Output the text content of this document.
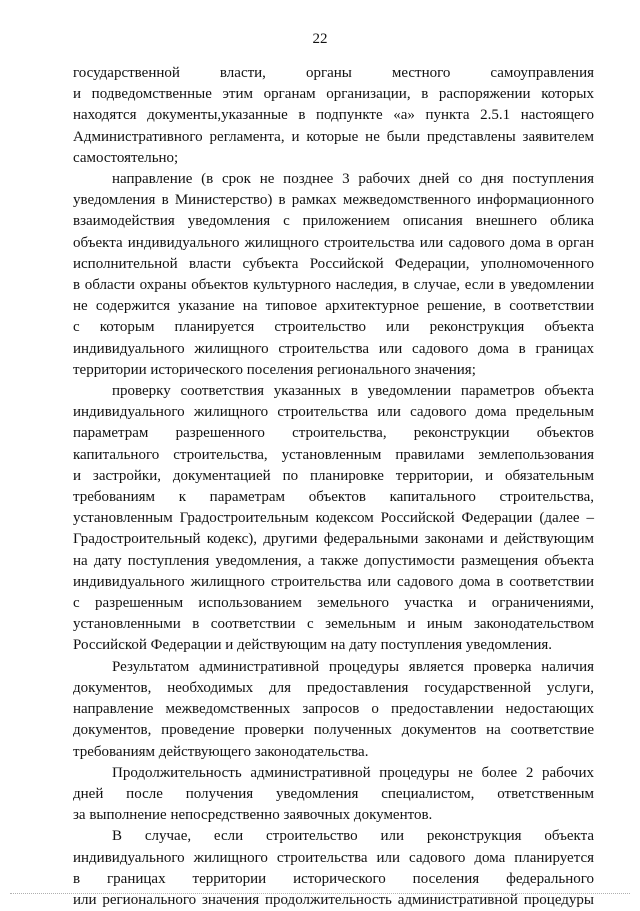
22
государственной власти, органы местного самоуправления
и подведомственные этим органам организации, в распоряжении которых
находятся документы,указанные в подпункте «а» пункта 2.5.1 настоящего
Административного регламента, и которые не были представлены заявителем
самостоятельно;
направление (в срок не позднее 3 рабочих дней со дня поступления
уведомления в Министерство) в рамках межведомственного информационного
взаимодействия уведомления с приложением описания внешнего облика
объекта индивидуального жилищного строительства или садового дома в орган
исполнительной власти субъекта Российской Федерации, уполномоченного
в области охраны объектов культурного наследия, в случае, если в уведомлении
не содержится указание на типовое архитектурное решение, в соответствии
с которым планируется строительство или реконструкция объекта
индивидуального жилищного строительства или садового дома в границах
территории исторического поселения регионального значения;
проверку соответствия указанных в уведомлении параметров объекта
индивидуального жилищного строительства или садового дома предельным
параметрам разрешенного строительства, реконструкции объектов
капитального строительства, установленным правилами землепользования
и застройки, документацией по планировке территории, и обязательным
требованиям к параметрам объектов капитального строительства,
установленным Градостроительным кодексом Российской Федерации (далее –
Градостроительный кодекс), другими федеральными законами и действующим
на дату поступления уведомления, а также допустимости размещения объекта
индивидуального жилищного строительства или садового дома в соответствии
с разрешенным использованием земельного участка и ограничениями,
установленными в соответствии с земельным и иным законодательством
Российской Федерации и действующим на дату поступления уведомления.
Результатом административной процедуры является проверка наличия
документов, необходимых для предоставления государственной услуги,
направление межведомственных запросов о предоставлении недостающих
документов, проведение проверки полученных документов на соответствие
требованиям действующего законодательства.
Продолжительность административной процедуры не более 2 рабочих
дней после получения уведомления специалистом, ответственным
за выполнение непосредственно заявочных документов.
В случае, если строительство или реконструкция объекта
индивидуального жилищного строительства или садового дома планируется
в границах территории исторического поселения федерального
или регионального значения продолжительность административной процедуры
